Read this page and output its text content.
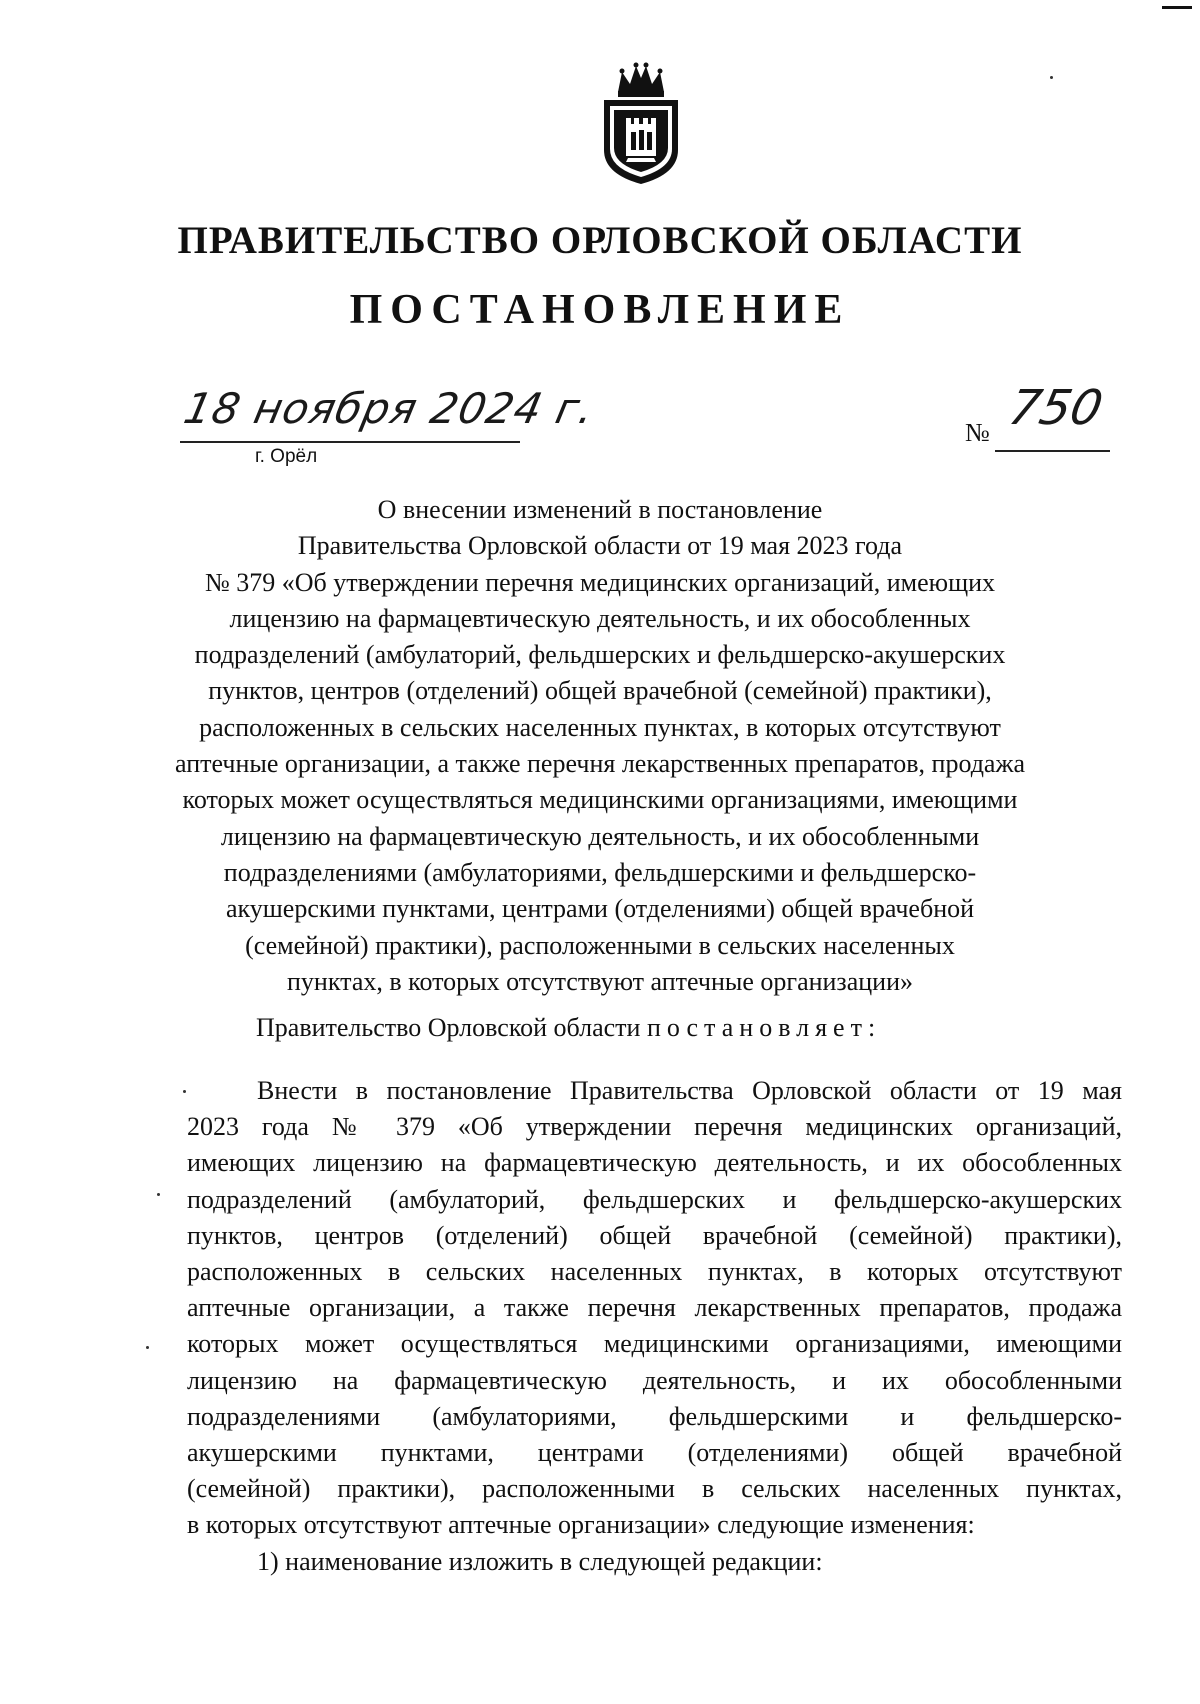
ПРАВИТЕЛЬСТВО ОРЛОВСКОЙ ОБЛАСТИ
ПОСТАНОВЛЕНИЕ
18 ноября 2024 г.
г. Орёл
№ 750
О внесении изменений в постановление
Правительства Орловской области от 19 мая 2023 года
№ 379 «Об утверждении перечня медицинских организаций, имеющих
лицензию на фармацевтическую деятельность, и их обособленных
подразделений (амбулаторий, фельдшерских и фельдшерско-акушерских
пунктов, центров (отделений) общей врачебной (семейной) практики),
расположенных в сельских населенных пунктах, в которых отсутствуют
аптечные организации, а также перечня лекарственных препаратов, продажа
которых может осуществляться медицинскими организациями, имеющими
лицензию на фармацевтическую деятельность, и их обособленными
подразделениями (амбулаториями, фельдшерскими и фельдшерско-
акушерскими пунктами, центрами (отделениями) общей врачебной
(семейной) практики), расположенными в сельских населенных
пунктах, в которых отсутствуют аптечные организации»
Правительство Орловской области постановляет:
Внести в постановление Правительства Орловской области от 19 мая
2023 года № 379 «Об утверждении перечня медицинских организаций,
имеющих лицензию на фармацевтическую деятельность, и их обособленных
подразделений (амбулаторий, фельдшерских и фельдшерско-акушерских
пунктов, центров (отделений) общей врачебной (семейной) практики),
расположенных в сельских населенных пунктах, в которых отсутствуют
аптечные организации, а также перечня лекарственных препаратов, продажа
которых может осуществляться медицинскими организациями, имеющими
лицензию на фармацевтическую деятельность, и их обособленными
подразделениями (амбулаториями, фельдшерскими и фельдшерско-
акушерскими пунктами, центрами (отделениями) общей врачебной
(семейной) практики), расположенными в сельских населенных пунктах,
в которых отсутствуют аптечные организации» следующие изменения:
1) наименование изложить в следующей редакции:
